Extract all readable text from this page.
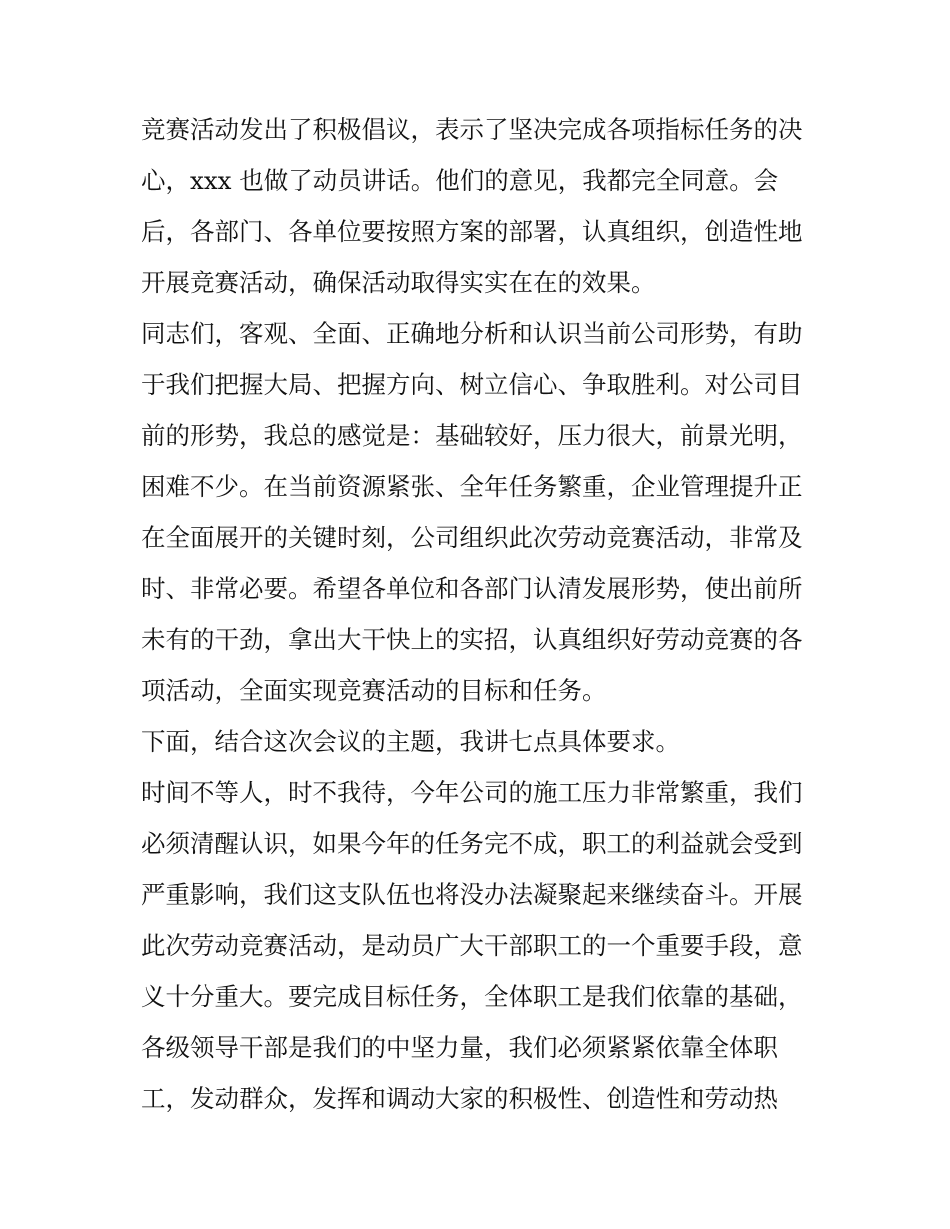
竞赛活动发出了积极倡议，表示了坚决完成各项指标任务的决
心，xxx 也做了动员讲话。他们的意见，我都完全同意。会
后，各部门、各单位要按照方案的部署，认真组织，创造性地
开展竞赛活动，确保活动取得实实在在的效果。
同志们，客观、全面、正确地分析和认识当前公司形势，有助
于我们把握大局、把握方向、树立信心、争取胜利。对公司目
前的形势，我总的感觉是：基础较好，压力很大，前景光明，
困难不少。在当前资源紧张、全年任务繁重，企业管理提升正
在全面展开的关键时刻，公司组织此次劳动竞赛活动，非常及
时、非常必要。希望各单位和各部门认清发展形势，使出前所
未有的干劲，拿出大干快上的实招，认真组织好劳动竞赛的各
项活动，全面实现竞赛活动的目标和任务。
下面，结合这次会议的主题，我讲七点具体要求。
时间不等人，时不我待，今年公司的施工压力非常繁重，我们
必须清醒认识，如果今年的任务完不成，职工的利益就会受到
严重影响，我们这支队伍也将没办法凝聚起来继续奋斗。开展
此次劳动竞赛活动，是动员广大干部职工的一个重要手段，意
义十分重大。要完成目标任务，全体职工是我们依靠的基础，
各级领导干部是我们的中坚力量，我们必须紧紧依靠全体职
工，发动群众，发挥和调动大家的积极性、创造性和劳动热
